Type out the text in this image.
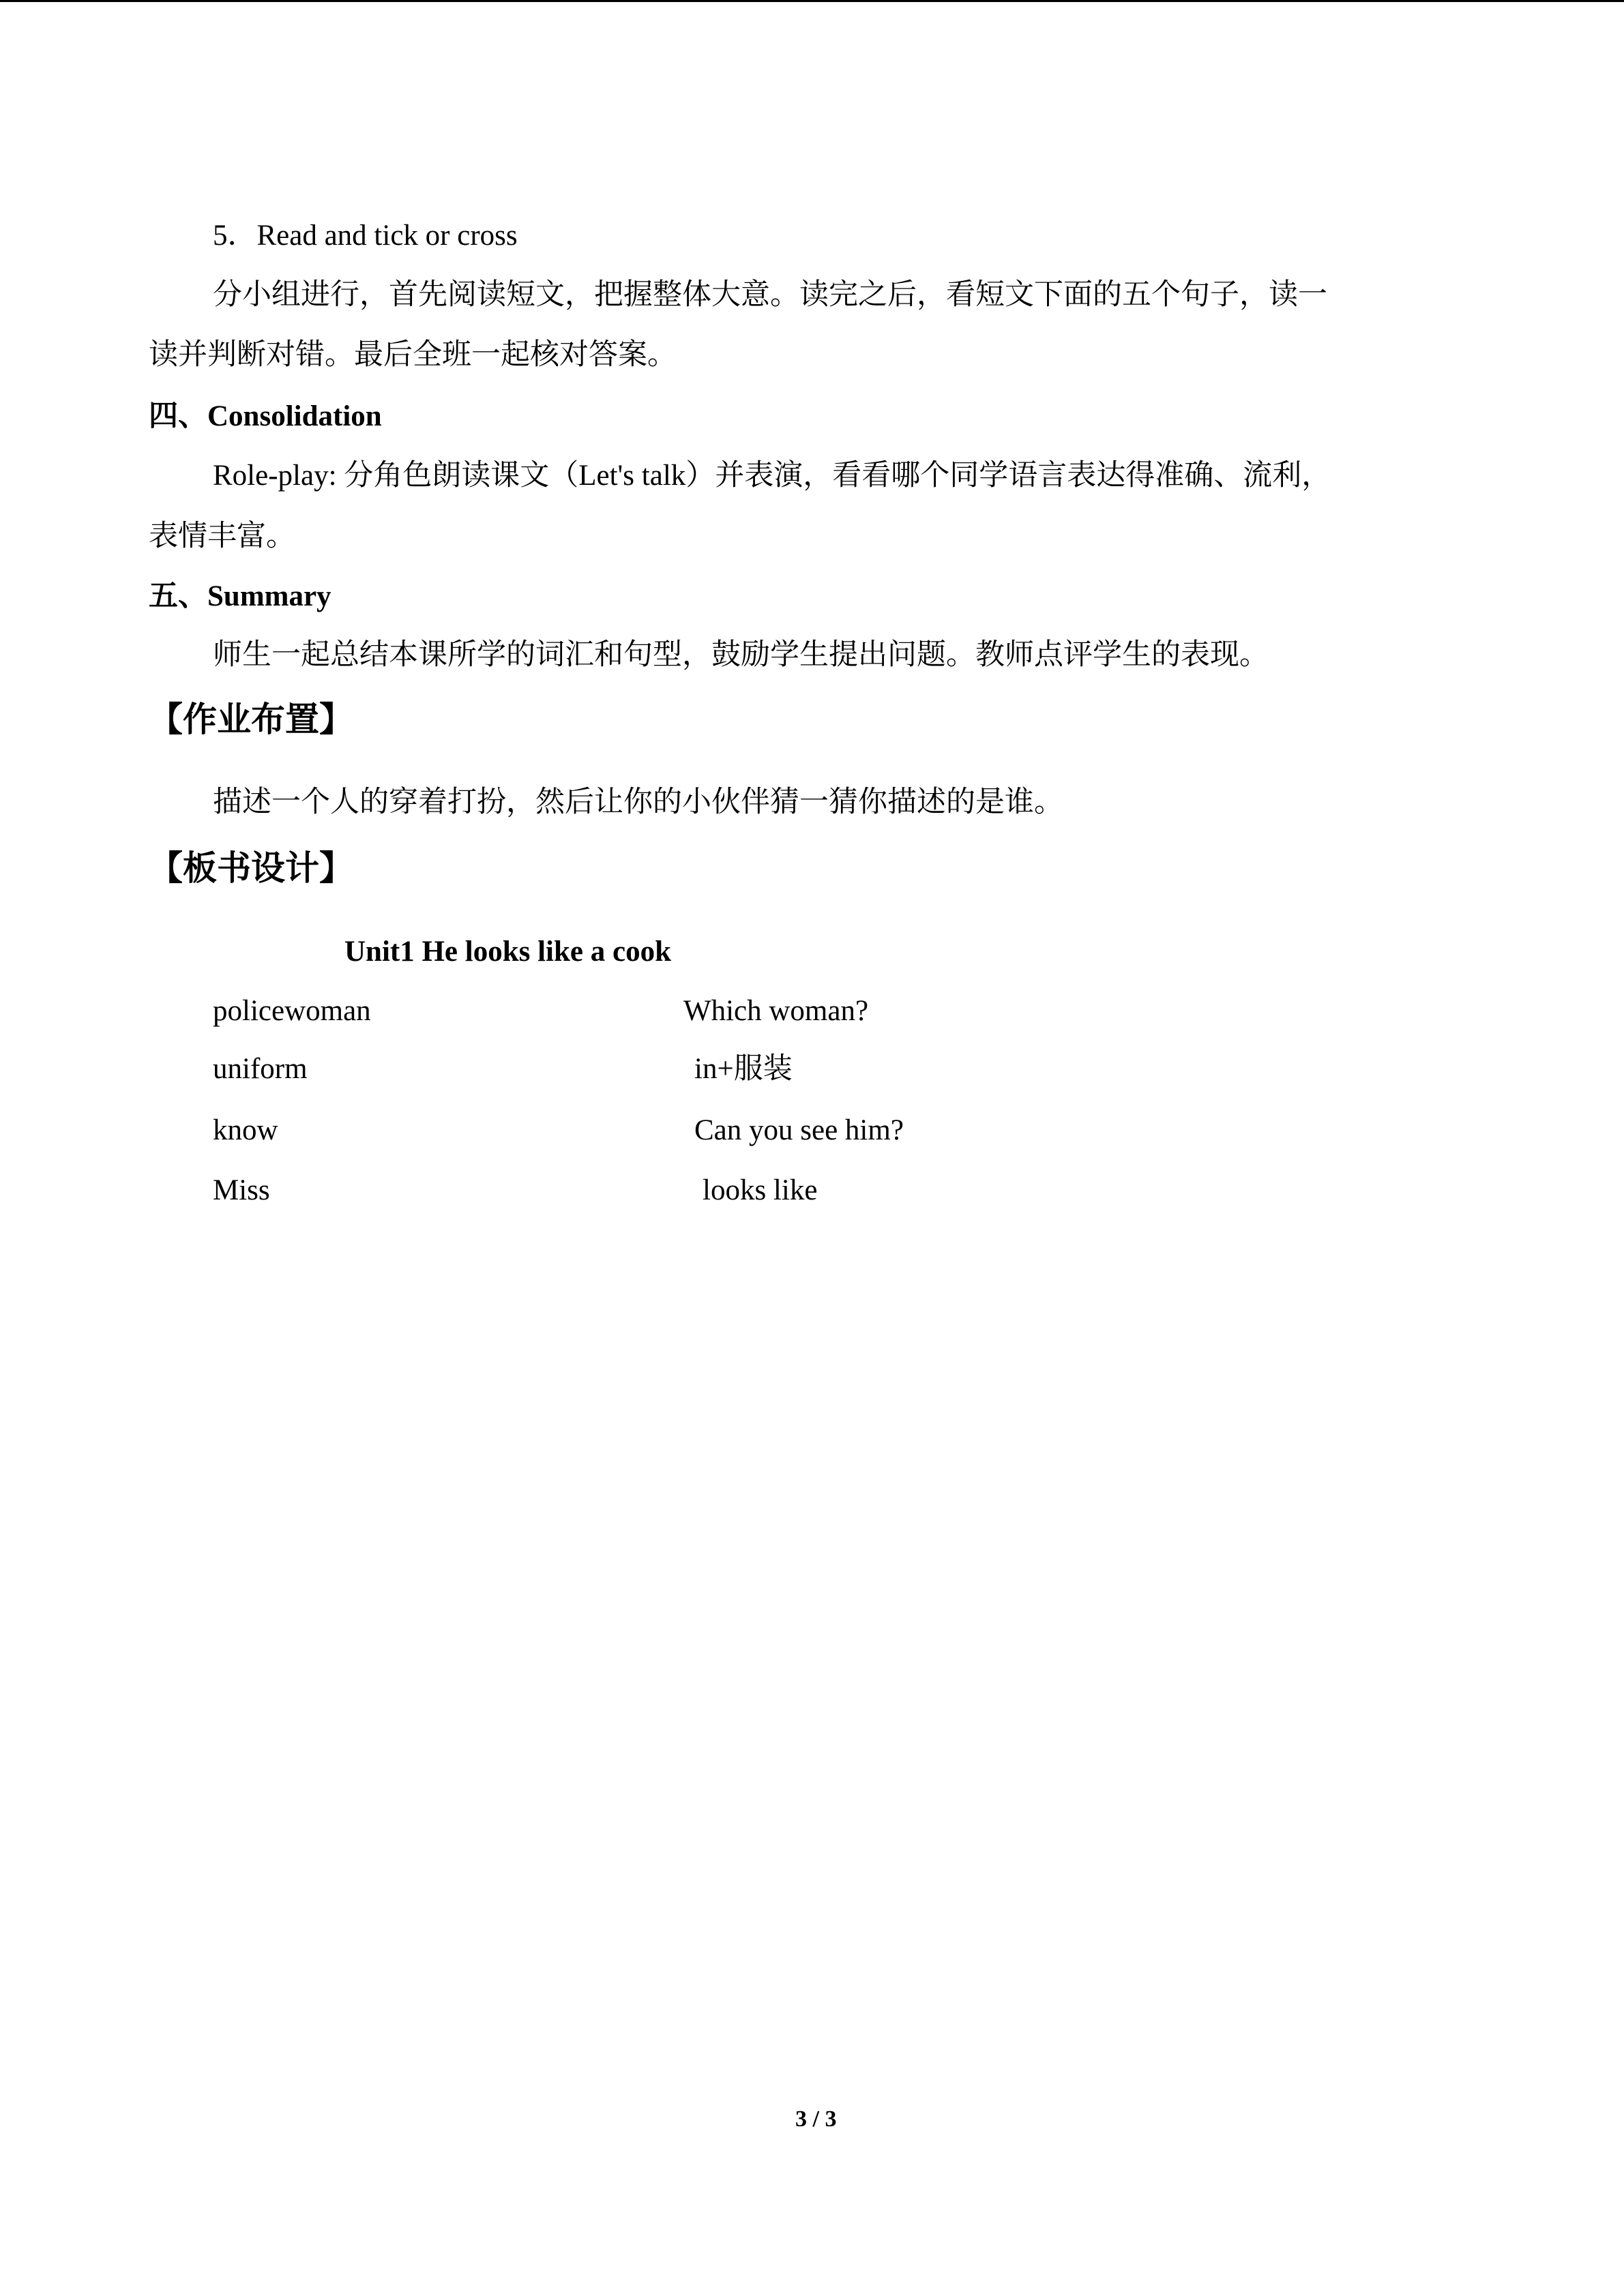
5．Read and tick or cross
分小组进行，首先阅读短文，把握整体大意。读完之后，看短文下面的五个句子，读一
读并判断对错。最后全班一起核对答案。
四、Consolidation
Role-play: 分角色朗读课文（Let's talk）并表演，看看哪个同学语言表达得准确、流利，
表情丰富。
五、Summary
师生一起总结本课所学的词汇和句型，鼓励学生提出问题。教师点评学生的表现。
【作业布置】
描述一个人的穿着打扮，然后让你的小伙伴猜一猜你描述的是谁。
【板书设计】
Unit1 He looks like a cook
policewoman	Which woman?
uniform	in+服装
know	Can you see him?
Miss	looks like
3 / 3
